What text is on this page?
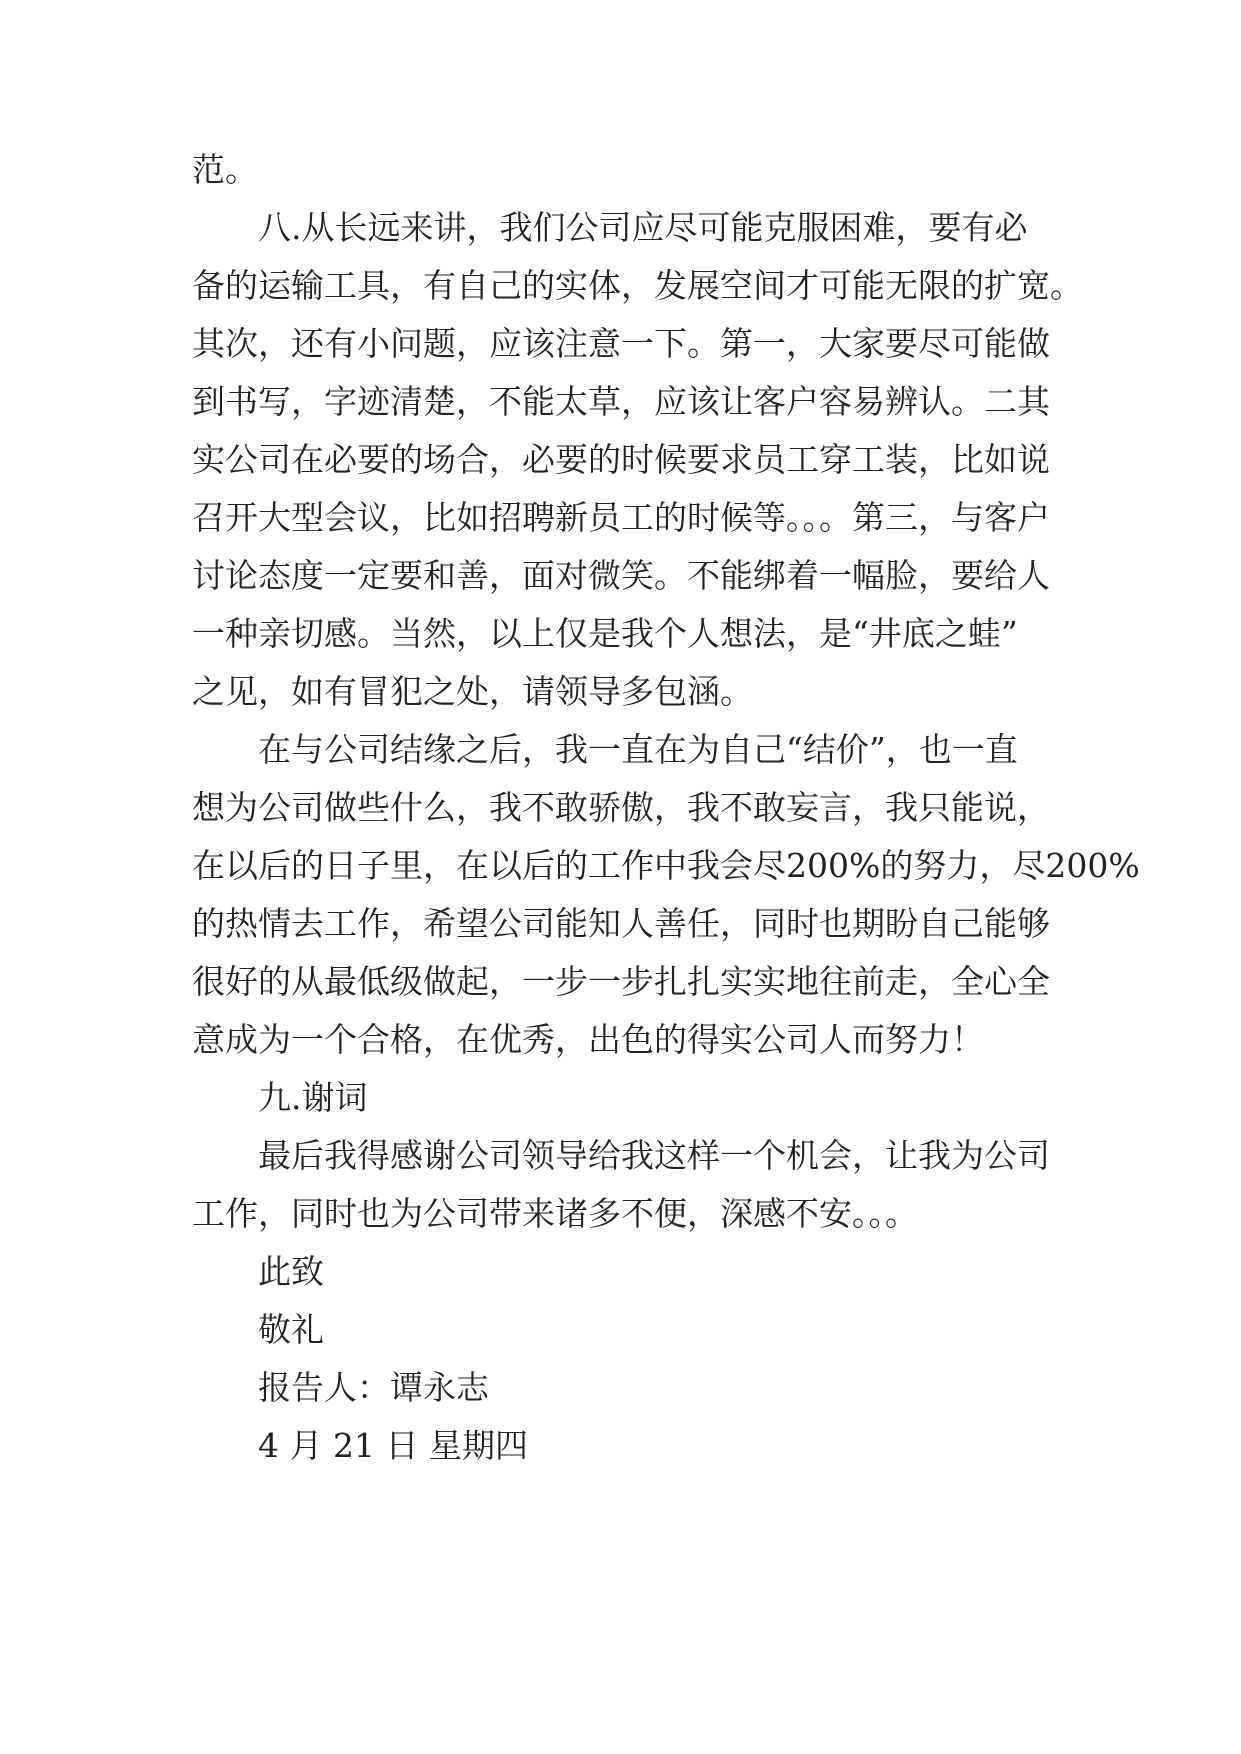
范。
八.从长远来讲，我们公司应尽可能克服困难，要有必
备的运输工具，有自己的实体，发展空间才可能无限的扩宽。
其次，还有小问题，应该注意一下。第一，大家要尽可能做
到书写，字迹清楚，不能太草，应该让客户容易辨认。二其
实公司在必要的场合，必要的时候要求员工穿工装，比如说
召开大型会议，比如招聘新员工的时候等。。。第三，与客户
讨论态度一定要和善，面对微笑。不能绑着一幅脸，要给人
一种亲切感。当然，以上仅是我个人想法，是“井底之蛙”
之见，如有冒犯之处，请领导多包涵。
在与公司结缘之后，我一直在为自己“结价”，也一直
想为公司做些什么，我不敢骄傲，我不敢妄言，我只能说，
在以后的日子里，在以后的工作中我会尽200%的努力，尽200%
的热情去工作，希望公司能知人善任，同时也期盼自己能够
很好的从最低级做起，一步一步扎扎实实地往前走，全心全
意成为一个合格，在优秀，出色的得实公司人而努力！
九.谢词
最后我得感谢公司领导给我这样一个机会，让我为公司
工作，同时也为公司带来诸多不便，深感不安。。。
此致
敬礼
报告人：谭永志
4 月 21 日 星期四
